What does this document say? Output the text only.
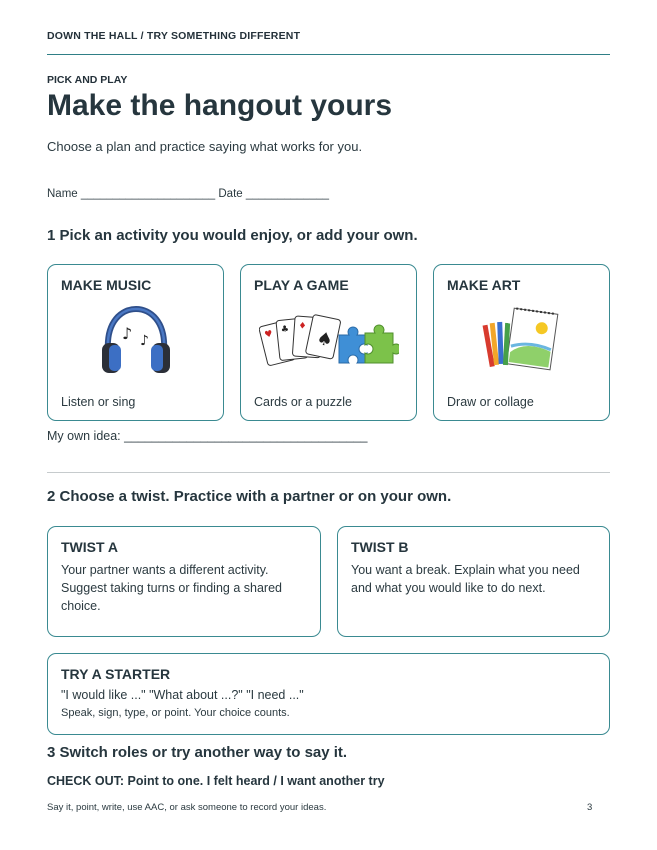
DOWN THE HALL / TRY SOMETHING DIFFERENT
PICK AND PLAY
Make the hangout yours
Choose a plan and practice saying what works for you.
Name _____________________ Date _____________
1 Pick an activity you would enjoy, or add your own.
MAKE MUSIC
♪ ♪
Listen or sing
PLAY A GAME
♥ ♣ ♦
♠
Cards or a puzzle
MAKE ART
Draw or collage
My own idea: ___________________________________
2 Choose a twist. Practice with a partner or on your own.
TWIST A
Your partner wants a different activity. Suggest taking turns or finding a shared choice.
TWIST B
You want a break. Explain what you need and what you would like to do next.
TRY A STARTER
"I would like ..." "What about ...?" "I need ..."
Speak, sign, type, or point. Your choice counts.
3 Switch roles or try another way to say it.
CHECK OUT: Point to one. I felt heard / I want another try
Say it, point, write, use AAC, or ask someone to record your ideas.	3
